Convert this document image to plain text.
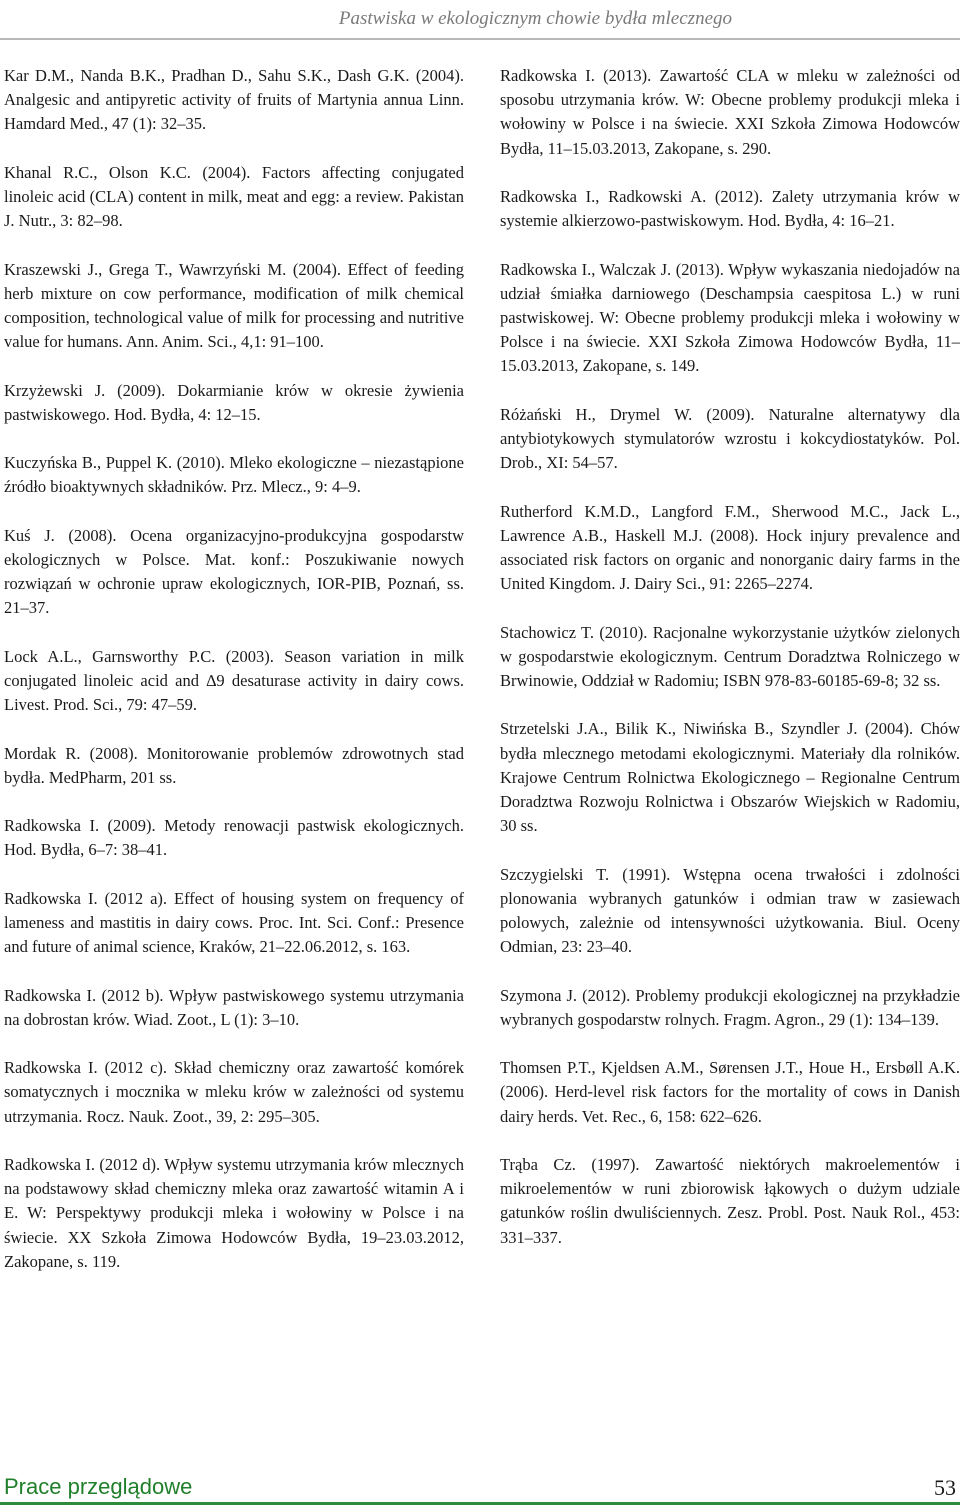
Pastwiska w ekologicznym chowie bydła mlecznego

Kar D.M., Nanda B.K., Pradhan D., Sahu S.K., Dash G.K. (2004). Analgesic and antipyretic activity of fruits of Martynia annua Linn. Hamdard Med., 47 (1): 32–35.

Khanal R.C., Olson K.C. (2004). Factors affecting conjugated linoleic acid (CLA) content in milk, meat and egg: a review. Pakistan J. Nutr., 3: 82–98.

Kraszewski J., Grega T., Wawrzyński M. (2004). Effect of feeding herb mixture on cow performance, modification of milk chemical composition, technological value of milk for processing and nutritive value for humans. Ann. Anim. Sci., 4,1: 91–100.

Krzyżewski J. (2009). Dokarmianie krów w okresie żywienia pastwiskowego. Hod. Bydła, 4: 12–15.

Kuczyńska B., Puppel K. (2010). Mleko ekologiczne – niezastąpione źródło bioaktywnych składników. Prz. Mlecz., 9: 4–9.

Kuś J. (2008). Ocena organizacyjno-produkcyjna gospodarstw ekologicznych w Polsce. Mat. konf.: Poszukiwanie nowych rozwiązań w ochronie upraw ekologicznych, IOR-PIB, Poznań, ss. 21–37.

Lock A.L., Garnsworthy P.C. (2003). Season variation in milk conjugated linoleic acid and ∆9 desaturase activity in dairy cows. Livest. Prod. Sci., 79: 47–59.

Mordak R. (2008). Monitorowanie problemów zdrowotnych stad bydła. MedPharm, 201 ss.

Radkowska I. (2009). Metody renowacji pastwisk ekologicznych. Hod. Bydła, 6–7: 38–41.

Radkowska I. (2012 a). Effect of housing system on frequency of lameness and mastitis in dairy cows. Proc. Int. Sci. Conf.: Presence and future of animal science, Kraków, 21–22.06.2012, s. 163.

Radkowska I. (2012 b). Wpływ pastwiskowego systemu utrzymania na dobrostan krów. Wiad. Zoot., L (1): 3–10.

Radkowska I. (2012 c). Skład chemiczny oraz zawartość komórek somatycznych i mocznika w mleku krów w zależności od systemu utrzymania. Rocz. Nauk. Zoot., 39, 2: 295–305.

Radkowska I. (2012 d). Wpływ systemu utrzymania krów mlecznych na podstawowy skład chemiczny mleka oraz zawartość witamin A i E. W: Perspektywy produkcji mleka i wołowiny w Polsce i na świecie. XX Szkoła Zimowa Hodowców Bydła, 19–23.03.2012, Zakopane, s. 119.

Radkowska I. (2013). Zawartość CLA w mleku w zależności od sposobu utrzymania krów. W: Obecne problemy produkcji mleka i wołowiny w Polsce i na świecie. XXI Szkoła Zimowa Hodowców Bydła, 11–15.03.2013, Zakopane, s. 290.

Radkowska I., Radkowski A. (2012). Zalety utrzymania krów w systemie alkierzowo-pastwiskowym. Hod. Bydła, 4: 16–21.

Radkowska I., Walczak J. (2013). Wpływ wykaszania niedojadów na udział śmiałka darniowego (Deschampsia caespitosa L.) w runi pastwiskowej. W: Obecne problemy produkcji mleka i wołowiny w Polsce i na świecie. XXI Szkoła Zimowa Hodowców Bydła, 11–15.03.2013, Zakopane, s. 149.

Różański H., Drymel W. (2009). Naturalne alternatywy dla antybiotykowych stymulatorów wzrostu i kokcydiostatyków. Pol. Drob., XI: 54–57.

Rutherford K.M.D., Langford F.M., Sherwood M.C., Jack L., Lawrence A.B., Haskell M.J. (2008). Hock injury prevalence and associated risk factors on organic and nonorganic dairy farms in the United Kingdom. J. Dairy Sci., 91: 2265–2274.

Stachowicz T. (2010). Racjonalne wykorzystanie użytków zielonych w gospodarstwie ekologicznym. Centrum Doradztwa Rolniczego w Brwinowie, Oddział w Radomiu; ISBN 978-83-60185-69-8; 32 ss.

Strzetelski J.A., Bilik K., Niwińska B., Szyndler J. (2004). Chów bydła mlecznego metodami ekologicznymi. Materiały dla rolników. Krajowe Centrum Rolnictwa Ekologicznego – Regionalne Centrum Doradztwa Rozwoju Rolnictwa i Obszarów Wiejskich w Radomiu, 30 ss.

Szczygielski T. (1991). Wstępna ocena trwałości i zdolności plonowania wybranych gatunków i odmian traw w zasiewach polowych, zależnie od intensywności użytkowania. Biul. Oceny Odmian, 23: 23–40.

Szymona J. (2012). Problemy produkcji ekologicznej na przykładzie wybranych gospodarstw rolnych. Fragm. Agron., 29 (1): 134–139.

Thomsen P.T., Kjeldsen A.M., Sørensen J.T., Houe H., Ersbøll A.K. (2006). Herd-level risk factors for the mortality of cows in Danish dairy herds. Vet. Rec., 6, 158: 622–626.

Trąba Cz. (1997). Zawartość niektórych makroelementów i mikroelementów w runi zbiorowisk łąkowych o dużym udziale gatunków roślin dwuliściennych. Zesz. Probl. Post. Nauk Rol., 453: 331–337.

Prace przeglądowe	53
